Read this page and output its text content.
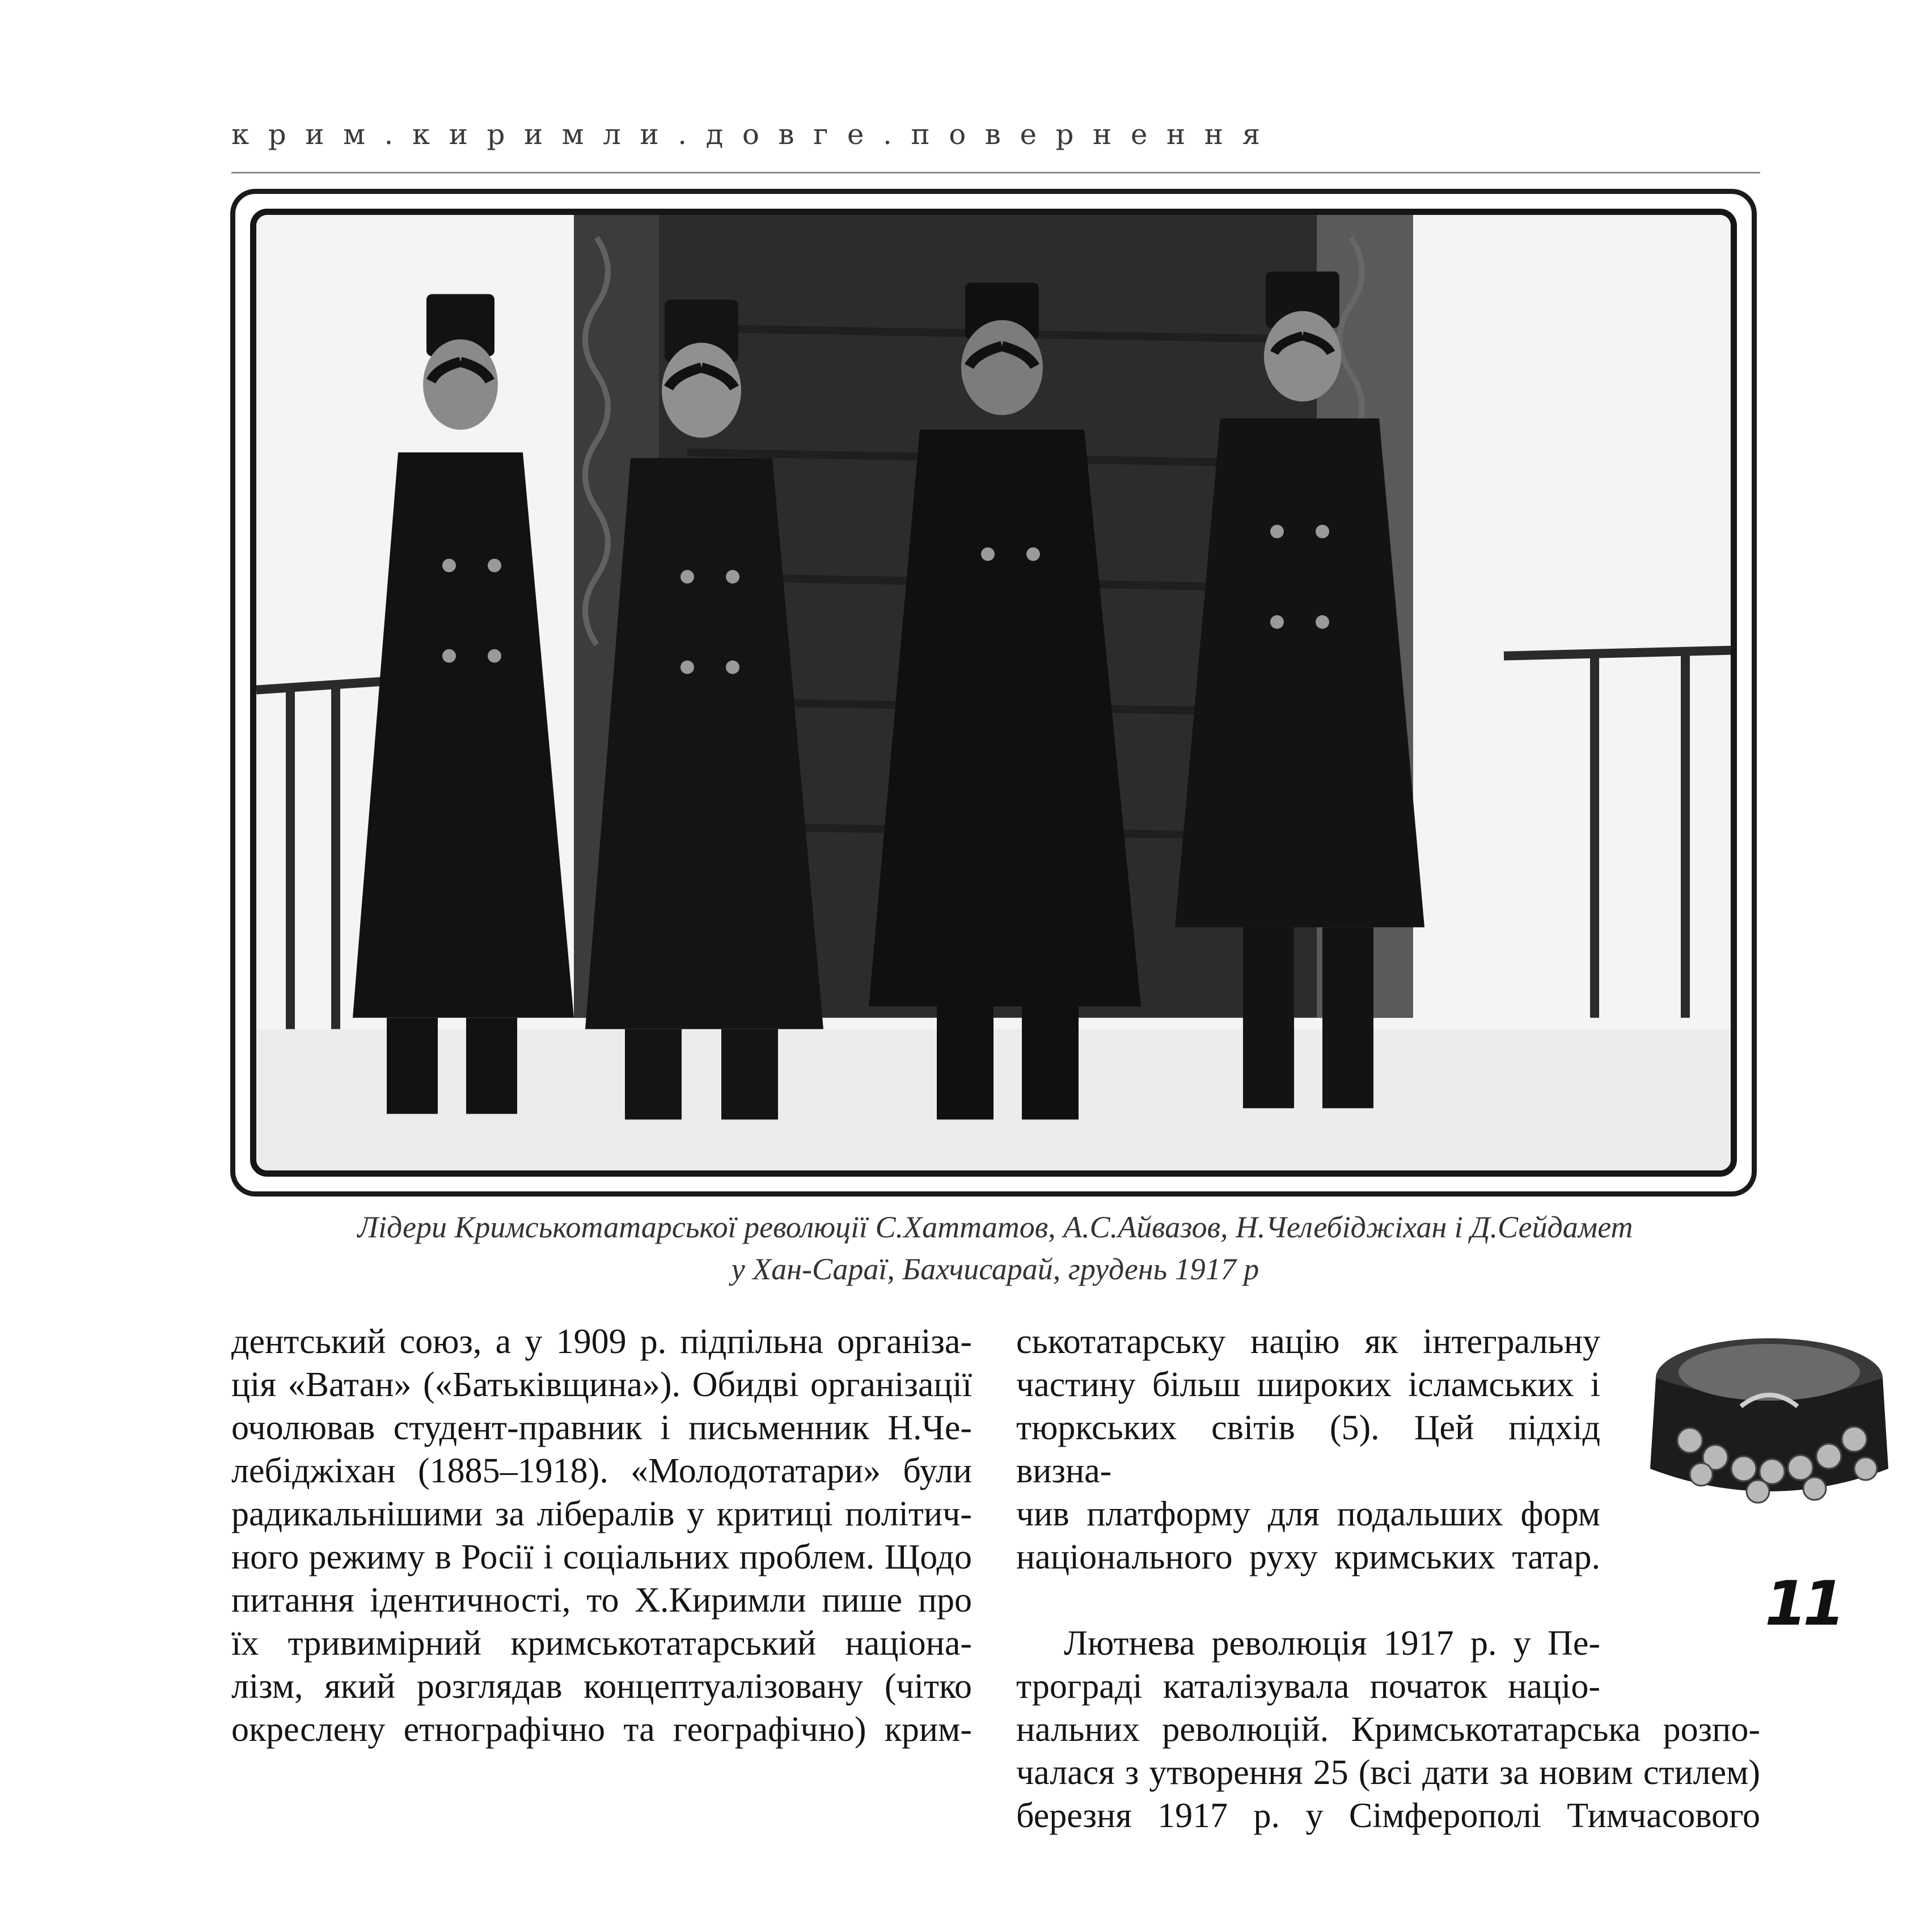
крим.киримли.довге.повернення

Лідери Кримськотатарської революції С.Хаттатов, А.С.Айвазов, Н.Челебіджіхан і Д.Сейдамет

у Хан-Сараї, Бахчисарай, грудень 1917 р

дентський союз, а у 1909 р. підпільна організа-

ція «Ватан» («Батьківщина»). Обидві організації

очолював студент-правник і письменник Н.Че-

лебіджіхан (1885–1918). «Молодотатари» були

радикальнішими за лібералів у критиці політич-

ного режиму в Росії і соціальних проблем. Щодо

питання ідентичності, то Х.Киримли пише про

їх тривимірний кримськотатарський націона-

лізм, який розглядав концептуалізовану (чітко

окреслену етнографічно та географічно) крим-

ськотатарську націю як інтегральну

частину більш широких ісламських і

тюркських світів (5). Цей підхід визна-

чив платформу для подальших форм

національного руху кримських татар.

Лютнева революція 1917 р. у Пе-

трограді каталізувала початок націо-

нальних революцій. Кримськотатарська розпо-

чалася з утворення 25 (всі дати за новим стилем)

березня 1917 р. у Сімферополі Тимчасового

11
